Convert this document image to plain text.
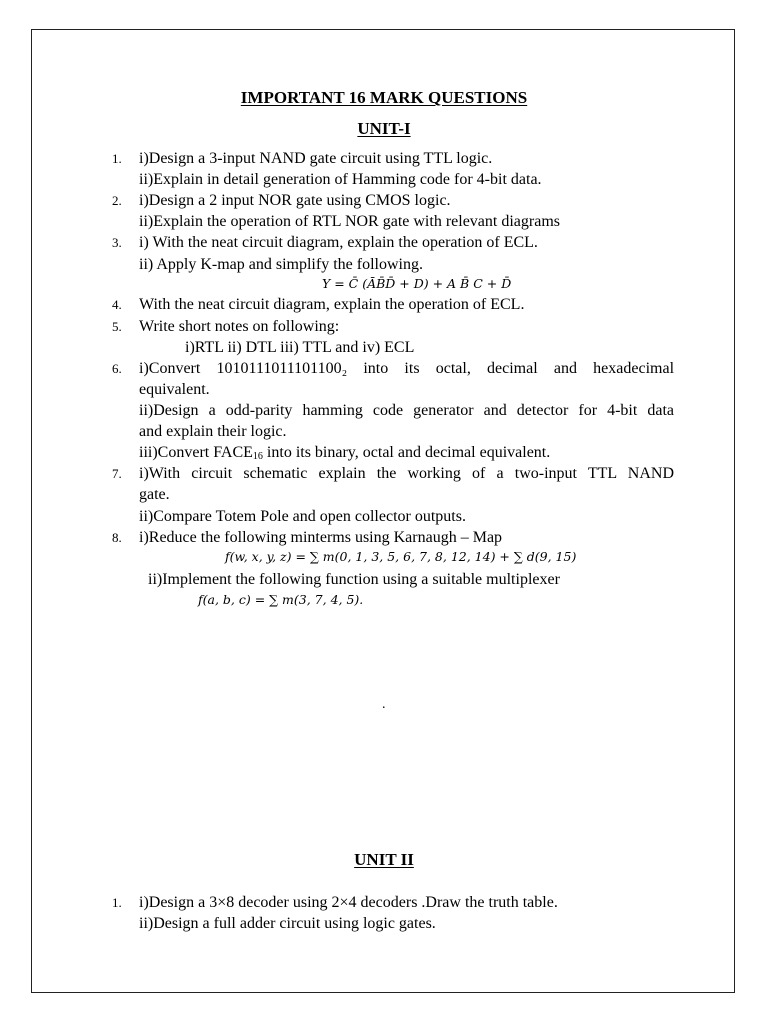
IMPORTANT 16 MARK QUESTIONS
UNIT-I
1. i)Design a 3-input NAND gate circuit using TTL logic.
ii)Explain in detail generation of Hamming code for 4-bit data.
2. i)Design a 2 input NOR gate using CMOS logic.
ii)Explain the operation of RTL NOR gate with relevant diagrams
3. i) With the neat circuit diagram, explain the operation of ECL.
ii) Apply K-map and simplify the following.
Y = C̄ (ĀB̄D̄ + D) + A B̄ C + D̄
4. With the neat circuit diagram, explain the operation of ECL.
5. Write short notes on following:
i)RTL ii) DTL iii) TTL and iv) ECL
6. i)Convert 1010111011101100₂ into its octal, decimal and hexadecimal
equivalent.
ii)Design a odd-parity hamming code generator and detector for 4-bit data
and explain their logic.
iii)Convert $FACE_{16}$ into its binary, octal and decimal equivalent.
7. i)With circuit schematic explain the working of a two-input TTL NAND
gate.
ii)Compare Totem Pole and open collector outputs.
8. i)Reduce the following minterms using Karnaugh – Map
f(w, x, y, z) = ∑ m(0, 1, 3, 5, 6, 7, 8, 12, 14) + ∑ d(9, 15)
ii)Implement the following function using a suitable multiplexer
f(a, b, c) = ∑ m(3, 7, 4, 5).
.
UNIT II
1. i)Design a 3×8 decoder using 2×4 decoders .Draw the truth table.
ii)Design a full adder circuit using logic gates.
